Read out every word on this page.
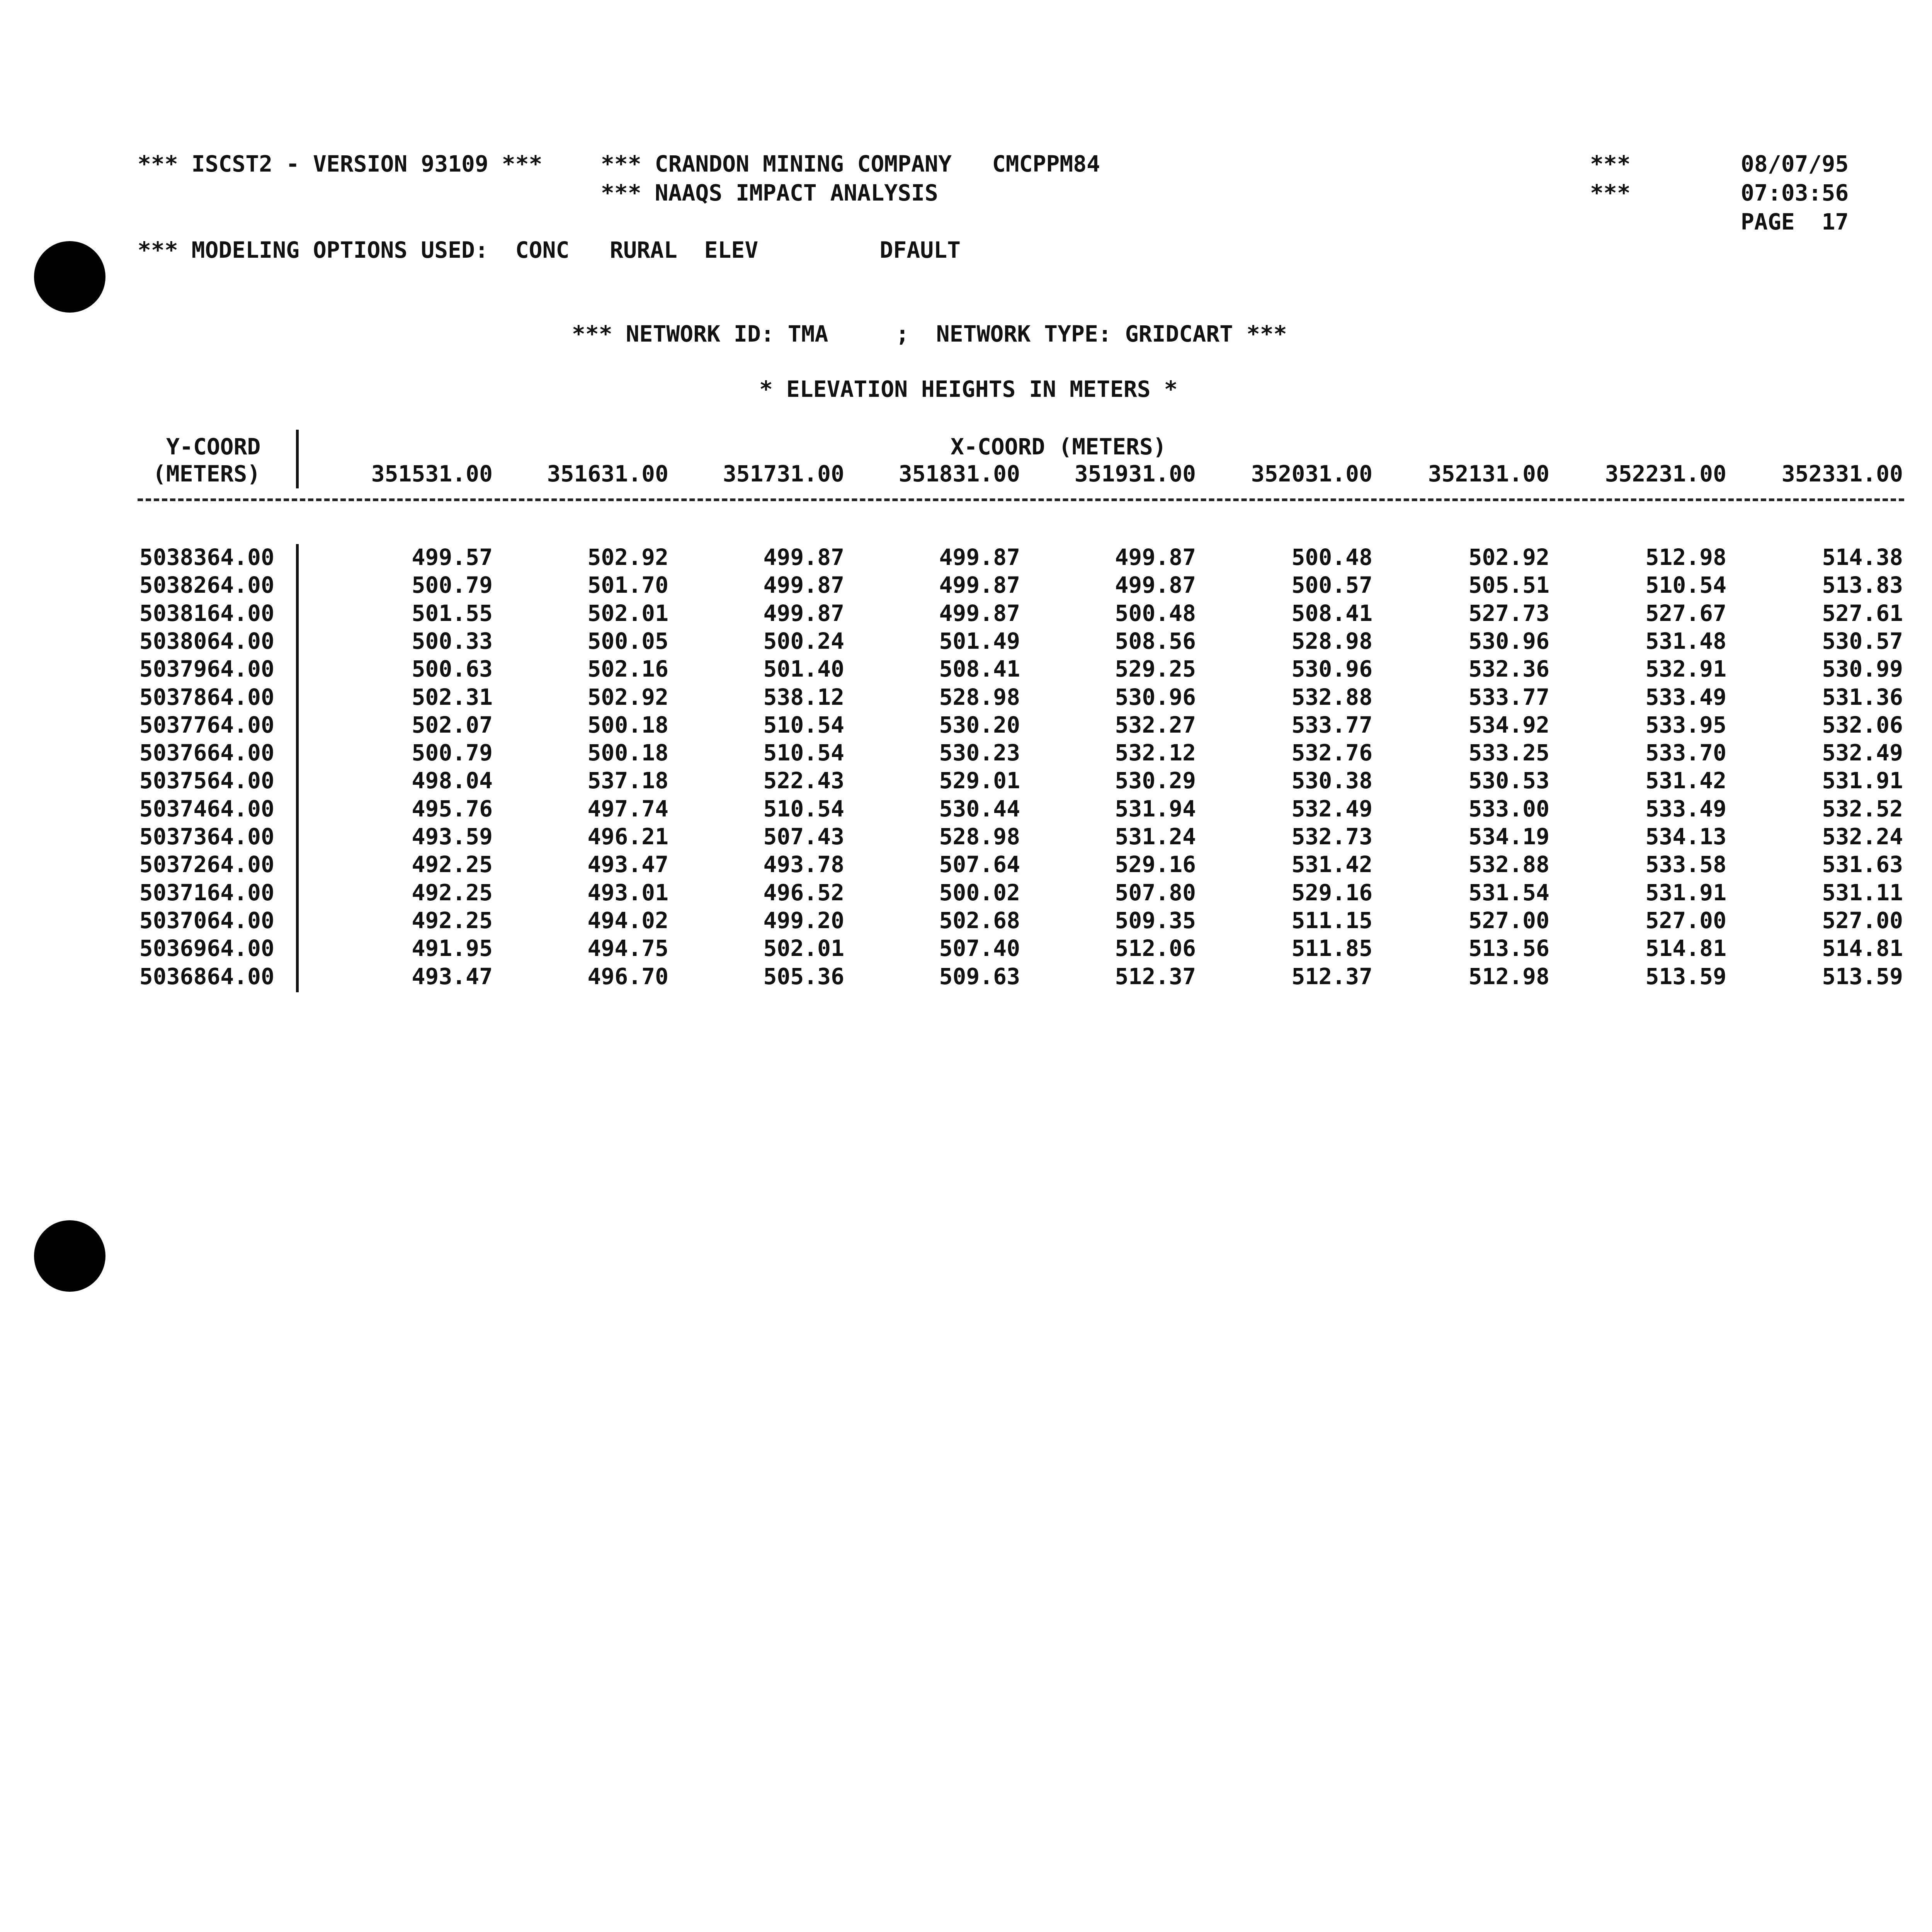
*** ISCST2 - VERSION 93109 ***	*** CRANDON MINING COMPANY   CMCPPM84
*** NAAQS IMPACT ANALYSIS
***
***
08/07/95
07:03:56
PAGE  17
*** MODELING OPTIONS USED:  CONC   RURAL  ELEV         DFAULT
*** NETWORK ID: TMA     ;  NETWORK TYPE: GRIDCART ***
* ELEVATION HEIGHTS IN METERS *
Y-COORD
(METERS)
X-COORD (METERS)
351531.00	351631.00	351731.00	351831.00	351931.00	352031.00	352131.00	352231.00	352331.00
5038364.00	499.57	502.92	499.87	499.87	499.87	500.48	502.92	512.98	514.38
5038264.00	500.79	501.70	499.87	499.87	499.87	500.57	505.51	510.54	513.83
5038164.00	501.55	502.01	499.87	499.87	500.48	508.41	527.73	527.67	527.61
5038064.00	500.33	500.05	500.24	501.49	508.56	528.98	530.96	531.48	530.57
5037964.00	500.63	502.16	501.40	508.41	529.25	530.96	532.36	532.91	530.99
5037864.00	502.31	502.92	538.12	528.98	530.96	532.88	533.77	533.49	531.36
5037764.00	502.07	500.18	510.54	530.20	532.27	533.77	534.92	533.95	532.06
5037664.00	500.79	500.18	510.54	530.23	532.12	532.76	533.25	533.70	532.49
5037564.00	498.04	537.18	522.43	529.01	530.29	530.38	530.53	531.42	531.91
5037464.00	495.76	497.74	510.54	530.44	531.94	532.49	533.00	533.49	532.52
5037364.00	493.59	496.21	507.43	528.98	531.24	532.73	534.19	534.13	532.24
5037264.00	492.25	493.47	493.78	507.64	529.16	531.42	532.88	533.58	531.63
5037164.00	492.25	493.01	496.52	500.02	507.80	529.16	531.54	531.91	531.11
5037064.00	492.25	494.02	499.20	502.68	509.35	511.15	527.00	527.00	527.00
5036964.00	491.95	494.75	502.01	507.40	512.06	511.85	513.56	514.81	514.81
5036864.00	493.47	496.70	505.36	509.63	512.37	512.37	512.98	513.59	513.59
